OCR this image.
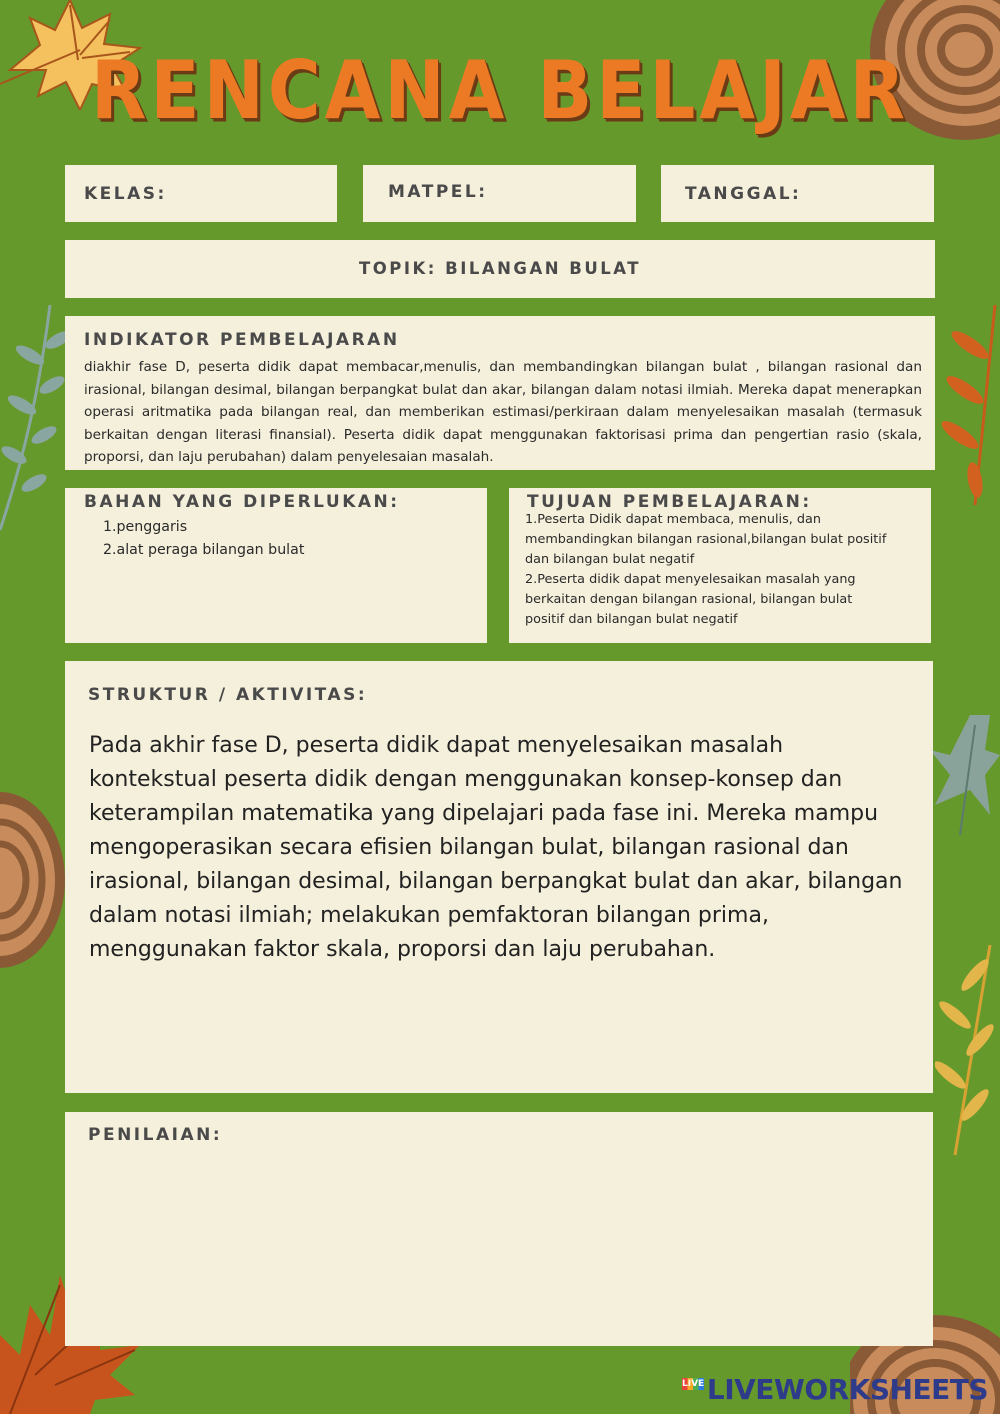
RENCANA BELAJAR
KELAS:	MATPEL:	TANGGAL:
TOPIK: BILANGAN BULAT
INDIKATOR PEMBELAJARAN
diakhir fase D, peserta didik dapat membacar,menulis, dan membandingkan bilangan bulat , bilangan rasional dan irasional, bilangan desimal, bilangan berpangkat bulat dan akar, bilangan dalam notasi ilmiah. Mereka dapat menerapkan operasi aritmatika pada bilangan real, dan memberikan estimasi/perkiraan dalam menyelesaikan masalah (termasuk berkaitan dengan literasi finansial). Peserta didik dapat menggunakan faktorisasi prima dan pengertian rasio (skala, proporsi, dan laju perubahan) dalam penyelesaian masalah.
BAHAN YANG DIPERLUKAN:
1.penggaris
2.alat peraga bilangan bulat
TUJUAN PEMBELAJARAN:
1.Peserta Didik dapat membaca, menulis, dan membandingkan bilangan rasional,bilangan bulat positif dan bilangan bulat negatif
2.Peserta didik dapat menyelesaikan masalah yang berkaitan dengan bilangan rasional, bilangan bulat positif dan bilangan bulat negatif
STRUKTUR / AKTIVITAS:
Pada akhir fase D, peserta didik dapat menyelesaikan masalah kontekstual peserta didik dengan menggunakan konsep-konsep dan keterampilan matematika yang dipelajari pada fase ini. Mereka mampu mengoperasikan secara efisien bilangan bulat, bilangan rasional dan irasional, bilangan desimal, bilangan berpangkat bulat dan akar, bilangan dalam notasi ilmiah; melakukan pemfaktoran bilangan prima, menggunakan faktor skala, proporsi dan laju perubahan.
PENILAIAN:
LIVE LIVEWORKSHEETS
